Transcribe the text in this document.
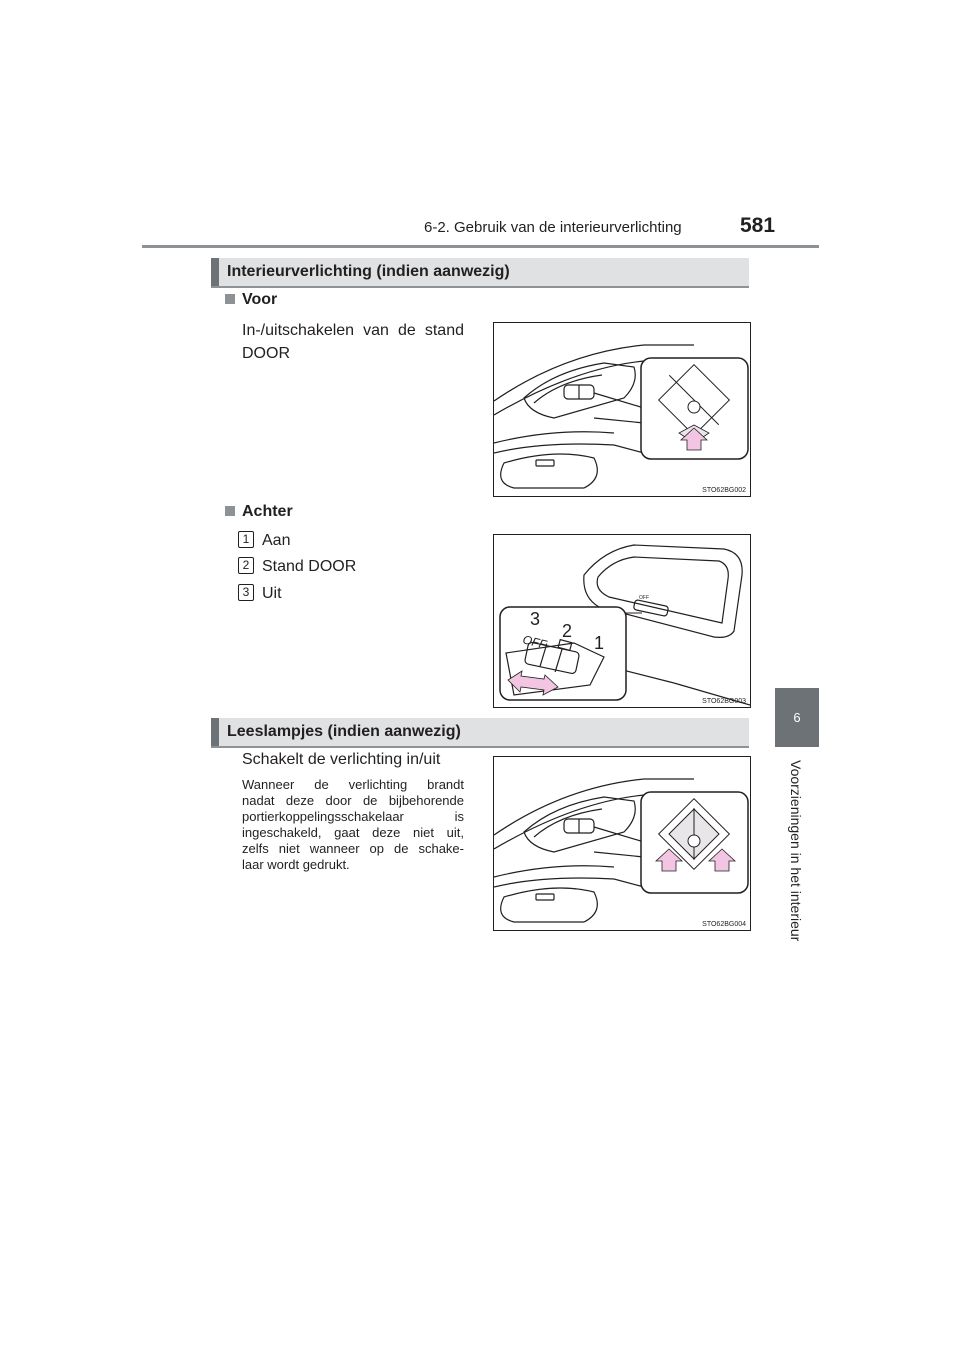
6-2. Gebruik van de interieurverlichting	581
6
Voorzieningen in het interieur
Interieurverlichting (indien aanwezig)
Voor
In-/uitschakelen van de stand
DOOR
STO62BG002
Achter
1 Aan
2 Stand DOOR
3 Uit	OFF
OFF
3
2
1
STO62BG003
Leeslampjes (indien aanwezig)
Schakelt de verlichting in/uit
Wanneer de verlichting brandt
nadat deze door de bijbehorende
portierkoppelingsschakelaar is
ingeschakeld, gaat deze niet uit,
zelfs niet wanneer op de schake-
laar wordt gedrukt.
STO62BG004
